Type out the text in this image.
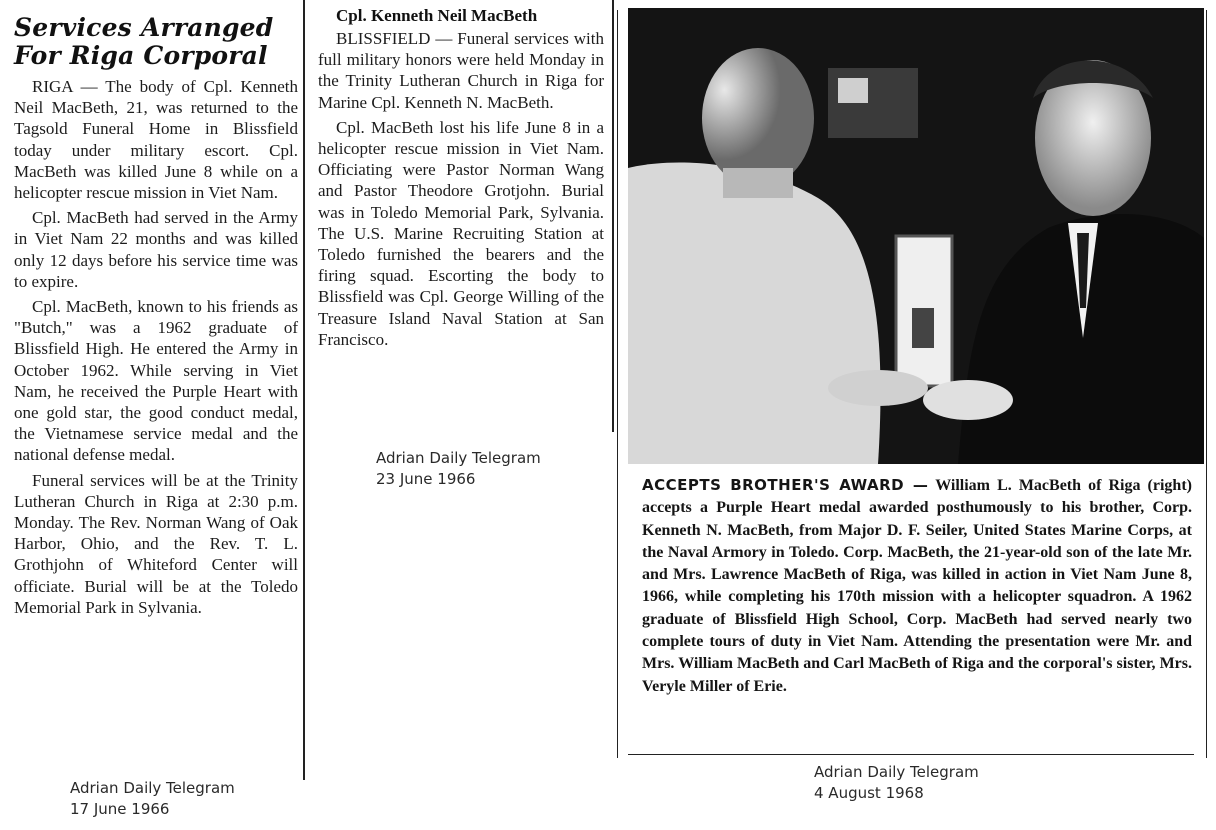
Services Arranged
For Riga Corporal

RIGA — The body of Cpl. Kenneth Neil MacBeth, 21, was returned to the Tagsold Funeral Home in Blissfield today under military escort. Cpl. MacBeth was killed June 8 while on a helicopter rescue mission in Viet Nam.

Cpl. MacBeth had served in the Army in Viet Nam 22 months and was killed only 12 days before his service time was to expire.

Cpl. MacBeth, known to his friends as "Butch," was a 1962 graduate of Blissfield High. He entered the Army in October 1962. While serving in Viet Nam, he received the Purple Heart with one gold star, the good conduct medal, the Vietnamese service medal and the national defense medal.

Funeral services will be at the Trinity Lutheran Church in Riga at 2:30 p.m. Monday. The Rev. Norman Wang of Oak Harbor, Ohio, and the Rev. T. L. Grothjohn of Whiteford Center will officiate. Burial will be at the Toledo Memorial Park in Sylvania.

Adrian Daily Telegram
17 June 1966
Cpl. Kenneth Neil MacBeth

BLISSFIELD — Funeral services with full military honors were held Monday in the Trinity Lutheran Church in Riga for Marine Cpl. Kenneth N. MacBeth.

Cpl. MacBeth lost his life June 8 in a helicopter rescue mission in Viet Nam. Officiating were Pastor Norman Wang and Pastor Theodore Grotjohn. Burial was in Toledo Memorial Park, Sylvania. The U.S. Marine Recruiting Station at Toledo furnished the bearers and the firing squad. Escorting the body to Blissfield was Cpl. George Willing of the Treasure Island Naval Station at San Francisco.

Adrian Daily Telegram
23 June 1966	ACCEPTS BROTHER'S AWARD — William L. MacBeth of Riga (right) accepts a Purple Heart medal awarded posthumously to his brother, Corp. Kenneth N. MacBeth, from Major D. F. Seiler, United States Marine Corps, at the Naval Armory in Toledo. Corp. MacBeth, the 21-year-old son of the late Mr. and Mrs. Lawrence MacBeth of Riga, was killed in action in Viet Nam June 8, 1966, while completing his 170th mission with a helicopter squadron. A 1962 graduate of Blissfield High School, Corp. MacBeth had served nearly two complete tours of duty in Viet Nam. Attending the presentation were Mr. and Mrs. William MacBeth and Carl MacBeth of Riga and the corporal's sister, Mrs. Veryle Miller of Erie.
Adrian Daily Telegram
4 August 1968
